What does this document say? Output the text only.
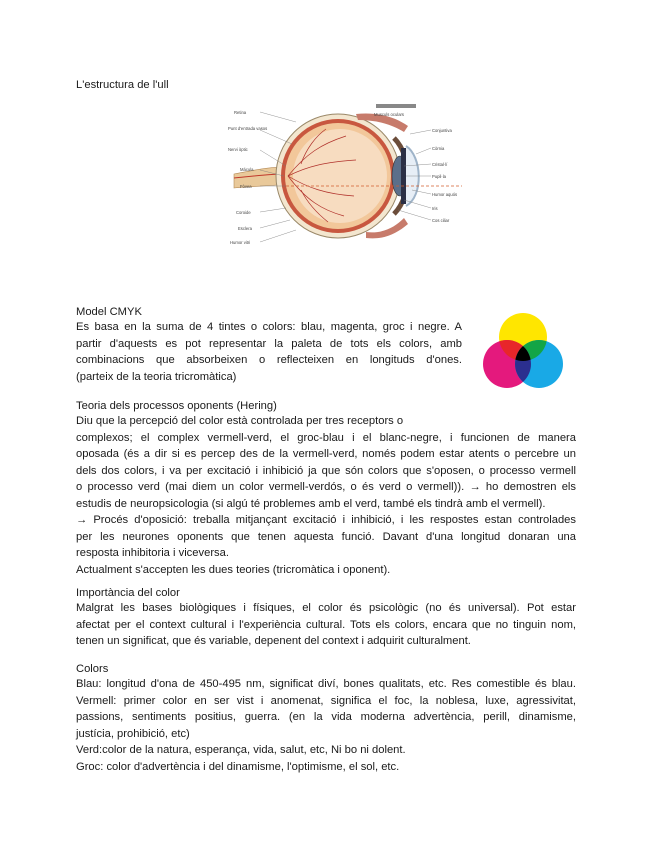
L'estructura de l'ull
Retina
Punt d'entrada vasos
Nervi òptic
Mácula
Fòvea
Coroide
Esclera
Humor vitri
Musculs oculars
Conjuntiva
Còrnia
Cristal·lí
Pupil·la
Humor aquós
Iris
Cos ciliar
Model CMYK
Es basa en la suma de 4 tintes o colors: blau, magenta, groc i negre. A
partir d'aquests es pot representar la paleta de tots els colors, amb
combinacions que absorbeixen o reflecteixen en longituds d'ones.
(parteix de la teoria tricromàtica)
Teoria dels processos oponents (Hering)
Diu que la percepció del color està controlada per tres receptors o
complexos; el complex vermell-verd, el groc-blau i el blanc-negre, i funcionen de manera
oposada (és a dir si es percep des de la vermell-verd, només podem estar atents o percebre un
dels dos colors, i va per excitació i inhibició ja que són colors que s'oposen, o processo vermell
o processo verd (mai diem un color vermell-verdós, o és verd o vermell)). → ho demostren els
estudis de neuropsicologia (si algú té problemes amb el verd, també els tindrà amb el vermell).
→ Procés d'oposició: treballa mitjançant excitació i inhibició, i les respostes estan controlades
per les neurones oponents que tenen aquesta funció. Davant d'una longitud donaran una
resposta inhibitoria i viceversa.
Actualment s'accepten les dues teories (tricromàtica i oponent).
Importància del color
Malgrat les bases biològiques i físiques, el color és psicològic (no és universal). Pot estar
afectat per el context cultural i l'experiència cultural. Tots els colors, encara que no tinguin nom,
tenen un significat, que és variable, depenent del context i adquirit culturalment.
Colors
Blau: longitud d'ona de 450-495 nm, significat diví, bones qualitats, etc. Res comestible és blau.
Vermell: primer color en ser vist i anomenat, significa el foc, la noblesa, luxe, agressivitat,
passions, sentiments positius, guerra. (en la vida moderna advertència, perill, dinamisme,
justícia, prohibició, etc)
Verd:color de la natura, esperança, vida, salut, etc, Ni bo ni dolent.
Groc: color d'advertència i del dinamisme, l'optimisme, el sol, etc.
